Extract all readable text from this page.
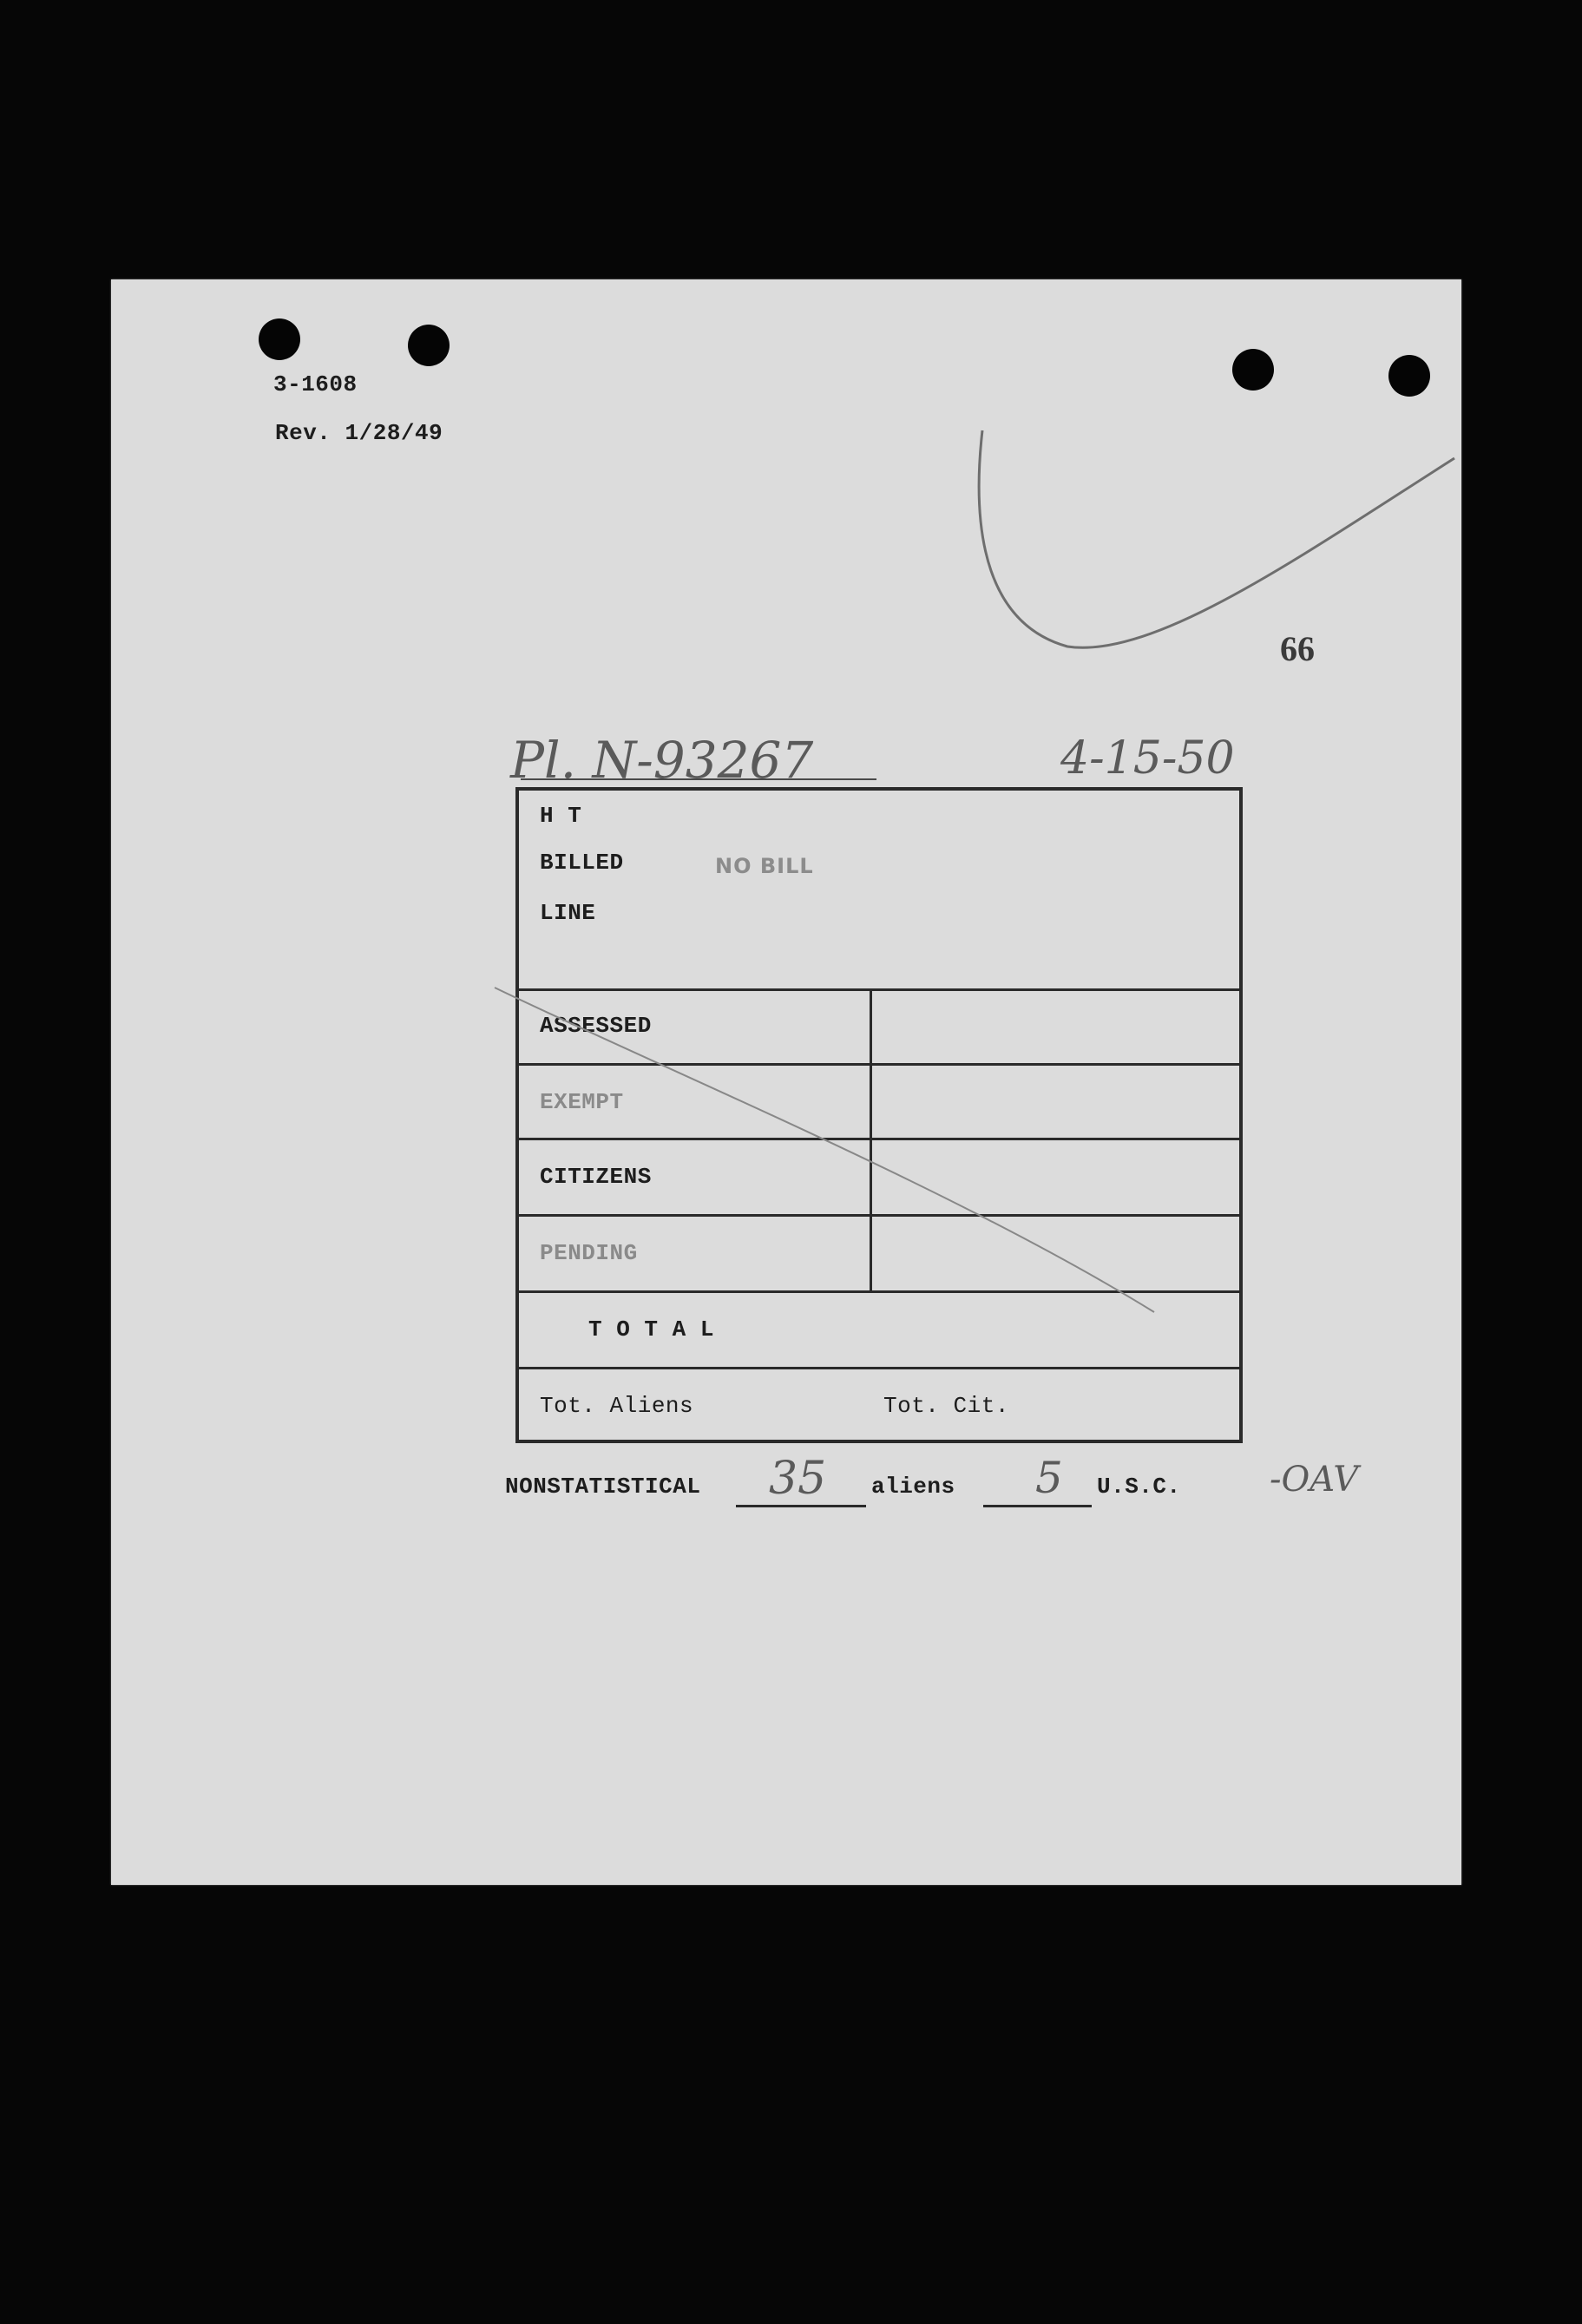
3-1608
Rev. 1/28/49
66
Pl. N-93267	4-15-50
NO BILL
NONSTATISTICAL 35 aliens 5 U.S.C.	-OAV
H T
BILLED
LINE
ASSESSED
EXEMPT
CITIZENS
PENDING
T O T A L
Tot. Aliens	Tot. Cit.
